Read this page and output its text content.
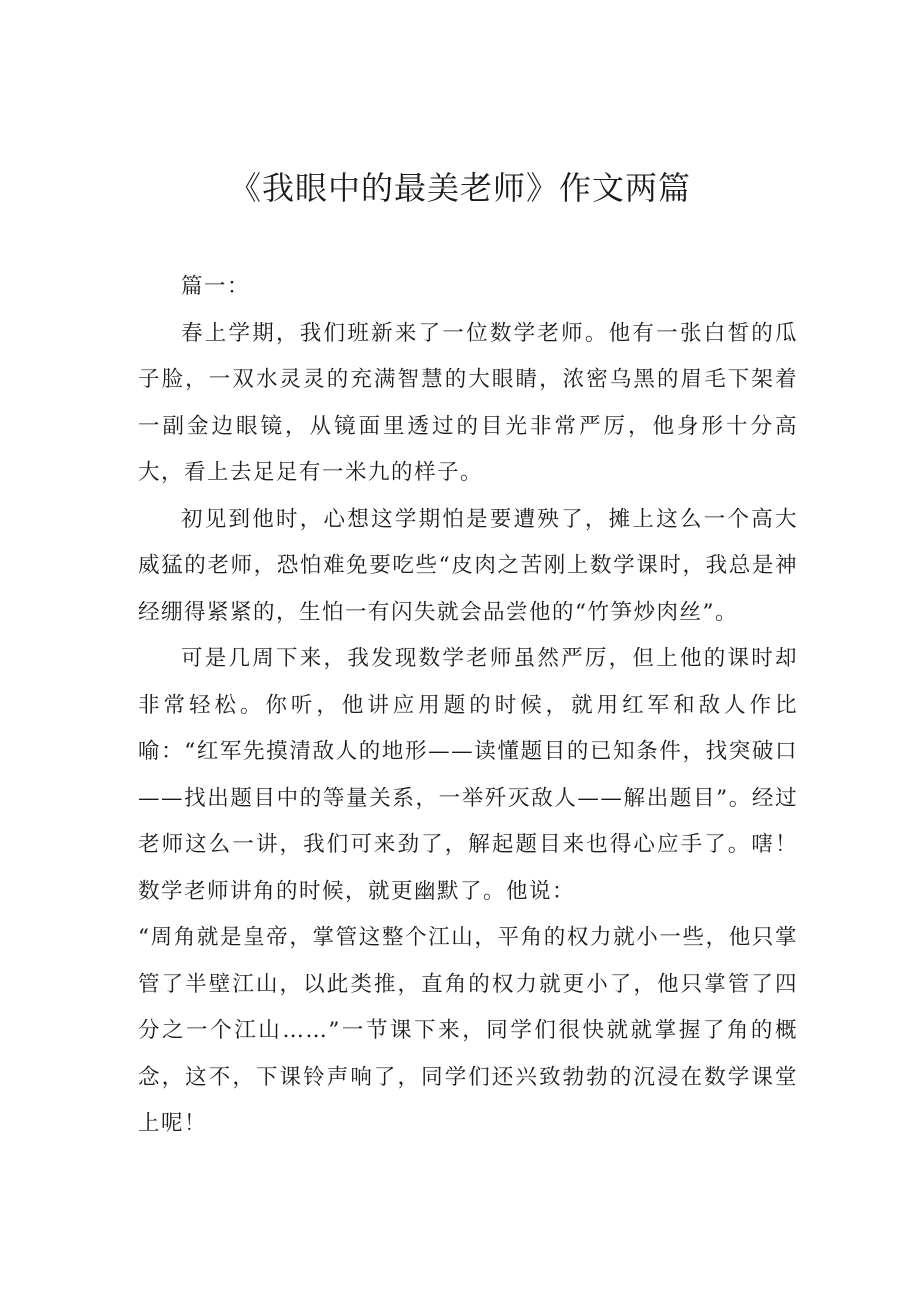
《我眼中的最美老师》作文两篇

篇一：

春上学期，我们班新来了一位数学老师。他有一张白皙的瓜子脸，一双水灵灵的充满智慧的大眼睛，浓密乌黑的眉毛下架着一副金边眼镜，从镜面里透过的目光非常严厉，他身形十分高大，看上去足足有一米九的样子。

初见到他时，心想这学期怕是要遭殃了，摊上这么一个高大威猛的老师，恐怕难免要吃些“皮肉之苦刚上数学课时，我总是神经绷得紧紧的，生怕一有闪失就会品尝他的“竹笋炒肉丝”。

可是几周下来，我发现数学老师虽然严厉，但上他的课时却非常轻松。你听，他讲应用题的时候，就用红军和敌人作比喻：“红军先摸清敌人的地形——读懂题目的已知条件，找突破口——找出题目中的等量关系，一举歼灭敌人——解出题目”。经过老师这么一讲，我们可来劲了，解起题目来也得心应手了。嗐！数学老师讲角的时候，就更幽默了。他说：

“周角就是皇帝，掌管这整个江山，平角的权力就小一些，他只掌管了半壁江山，以此类推，直角的权力就更小了，他只掌管了四分之一个江山……”一节课下来，同学们很快就就掌握了角的概念，这不，下课铃声响了，同学们还兴致勃勃的沉浸在数学课堂上呢！
